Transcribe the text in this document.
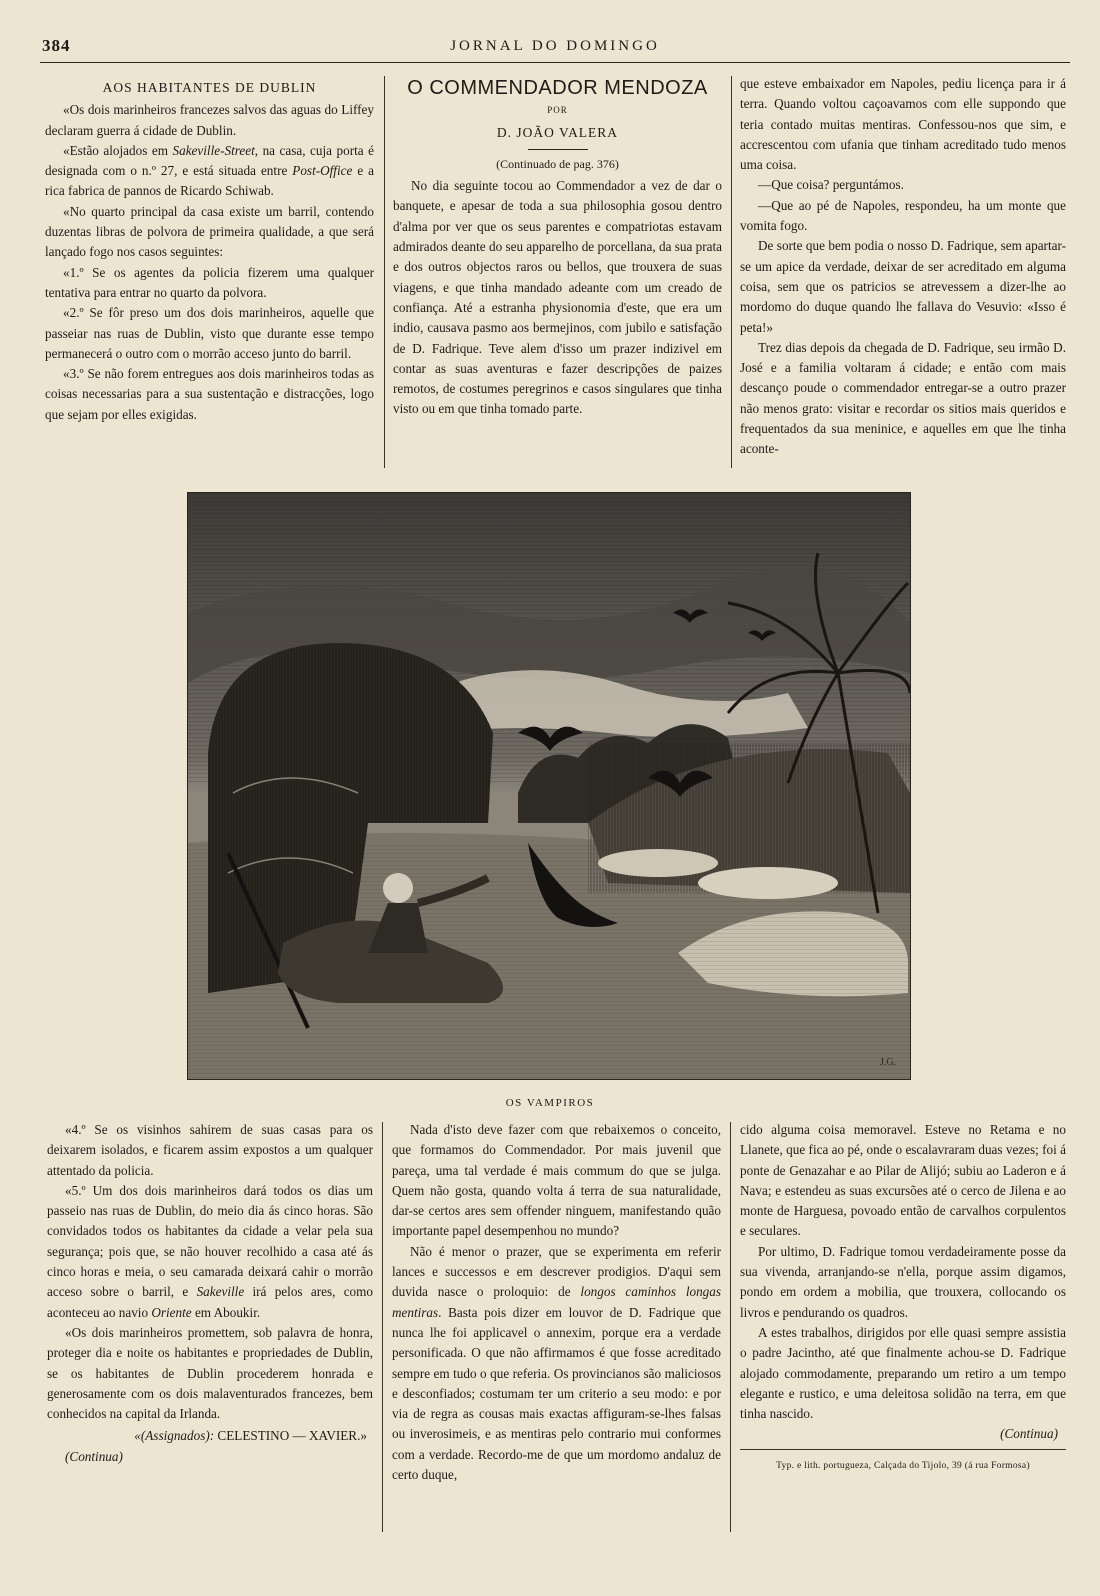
384	JORNAL DO DOMINGO
AOS HABITANTES DE DUBLIN

«Os dois marinheiros francezes salvos das aguas do Liffey declaram guerra á cidade de Dublin.

«Estão alojados em Sakeville-Street, na casa, cuja porta é designada com o n.º 27, e está situada entre Post-Office e a rica fabrica de pannos de Ricardo Schiwab.

«No quarto principal da casa existe um barril, contendo duzentas libras de polvora de primeira qualidade, a que será lançado fogo nos casos seguintes:

«1.º Se os agentes da policia fizerem uma qualquer tentativa para entrar no quarto da polvora.

«2.º Se fôr preso um dos dois marinheiros, aquelle que passeiar nas ruas de Dublin, visto que durante esse tempo permanecerá o outro com o morrão acceso junto do barril.

«3.º Se não forem entregues aos dois marinheiros todas as coisas necessarias para a sua sustentação e distracções, logo que sejam por elles exigidas.

O COMMENDADOR MENDOZA
POR
D. JOÃO VALERA
(Continuado de pag. 376)

No dia seguinte tocou ao Commendador a vez de dar o banquete, e apesar de toda a sua philosophia gosou dentro d'alma por ver que os seus parentes e compatriotas estavam admirados deante do seu apparelho de porcellana, da sua prata e dos outros objectos raros ou bellos, que trouxera de suas viagens, e que tinha mandado adeante com um creado de confiança. Até a estranha physionomia d'este, que era um indio, causava pasmo aos bermejinos, com jubilo e satisfação de D. Fadrique. Teve alem d'isso um prazer indizivel em contar as suas aventuras e fazer descripções de paizes remotos, de costumes peregrinos e casos singulares que tinha visto ou em que tinha tomado parte.

que esteve embaixador em Napoles, pediu licença para ir á terra. Quando voltou caçoavamos com elle suppondo que teria contado muitas mentiras. Confessou-nos que sim, e accrescentou com ufania que tinham acreditado tudo menos uma coisa.

—Que coisa? perguntámos.

—Que ao pé de Napoles, respondeu, ha um monte que vomita fogo.

De sorte que bem podia o nosso D. Fadrique, sem apartar-se um apice da verdade, deixar de ser acreditado em alguma coisa, sem que os patricios se atrevessem a dizer-lhe ao mordomo do duque quando lhe fallava do Vesuvio: «Isso é peta!»

Trez dias depois da chegada de D. Fadrique, seu irmão D. José e a familia voltaram á cidade; e então com mais descanço poude o commendador entregar-se a outro prazer não menos grato: visitar e recordar os sitios mais queridos e frequentados da sua meninice, e aquelles em que lhe tinha aconte-

J.G.
OS VAMPIROS

«4.º Se os visinhos sahirem de suas casas para os deixarem isolados, e ficarem assim expostos a um qualquer attentado da policia.

«5.º Um dos dois marinheiros dará todos os dias um passeio nas ruas de Dublin, do meio dia ás cinco horas. São convidados todos os habitantes da cidade a velar pela sua segurança; pois que, se não houver recolhido a casa até ás cinco horas e meia, o seu camarada deixará cahir o morrão acceso sobre o barril, e Sakeville irá pelos ares, como aconteceu ao navio Oriente em Aboukir.

«Os dois marinheiros promettem, sob palavra de honra, proteger dia e noite os habitantes e propriedades de Dublin, se os habitantes de Dublin procederem honrada e generosamente com os dois malaventurados francezes, bem conhecidos na capital da Irlanda.

«(Assignados): CELESTINO — XAVIER.»

(Continua)

Nada d'isto deve fazer com que rebaixemos o conceito, que formamos do Commendador. Por mais juvenil que pareça, uma tal verdade é mais commum do que se julga. Quem não gosta, quando volta á terra de sua naturalidade, dar-se certos ares sem offender ninguem, manifestando quão importante papel desempenhou no mundo?

Não é menor o prazer, que se experimenta em referir lances e successos e em descrever prodigios. D'aqui sem duvida nasce o proloquio: de longos caminhos longas mentiras. Basta pois dizer em louvor de D. Fadrique que nunca lhe foi applicavel o annexim, porque era a verdade personificada. O que não affirmamos é que fosse acreditado sempre em tudo o que referia. Os provincianos são maliciosos e desconfiados; costumam ter um criterio a seu modo: e por via de regra as cousas mais exactas affiguram-se-lhes falsas ou inverosimeis, e as mentiras pelo contrario mui conformes com a verdade. Recordo-me de que um mordomo andaluz de certo duque,

cido alguma coisa memoravel. Esteve no Retama e no Llanete, que fica ao pé, onde o escalavraram duas vezes; foi á ponte de Genazahar e ao Pilar de Alijó; subiu ao Laderon e á Nava; e estendeu as suas excursões até o cerco de Jilena e ao monte de Harguesa, povoado então de carvalhos corpulentos e seculares.

Por ultimo, D. Fadrique tomou verdadeiramente posse da sua vivenda, arranjando-se n'ella, porque assim digamos, pondo em ordem a mobilia, que trouxera, collocando os livros e pendurando os quadros.

A estes trabalhos, dirigidos por elle quasi sempre assistia o padre Jacintho, até que finalmente achou-se D. Fadrique alojado commodamente, preparando um retiro a um tempo elegante e rustico, e uma deleitosa solidão na terra, em que tinha nascido.

(Continua)
Typ. e lith. portugueza, Calçada do Tijolo, 39 (á rua Formosa)
